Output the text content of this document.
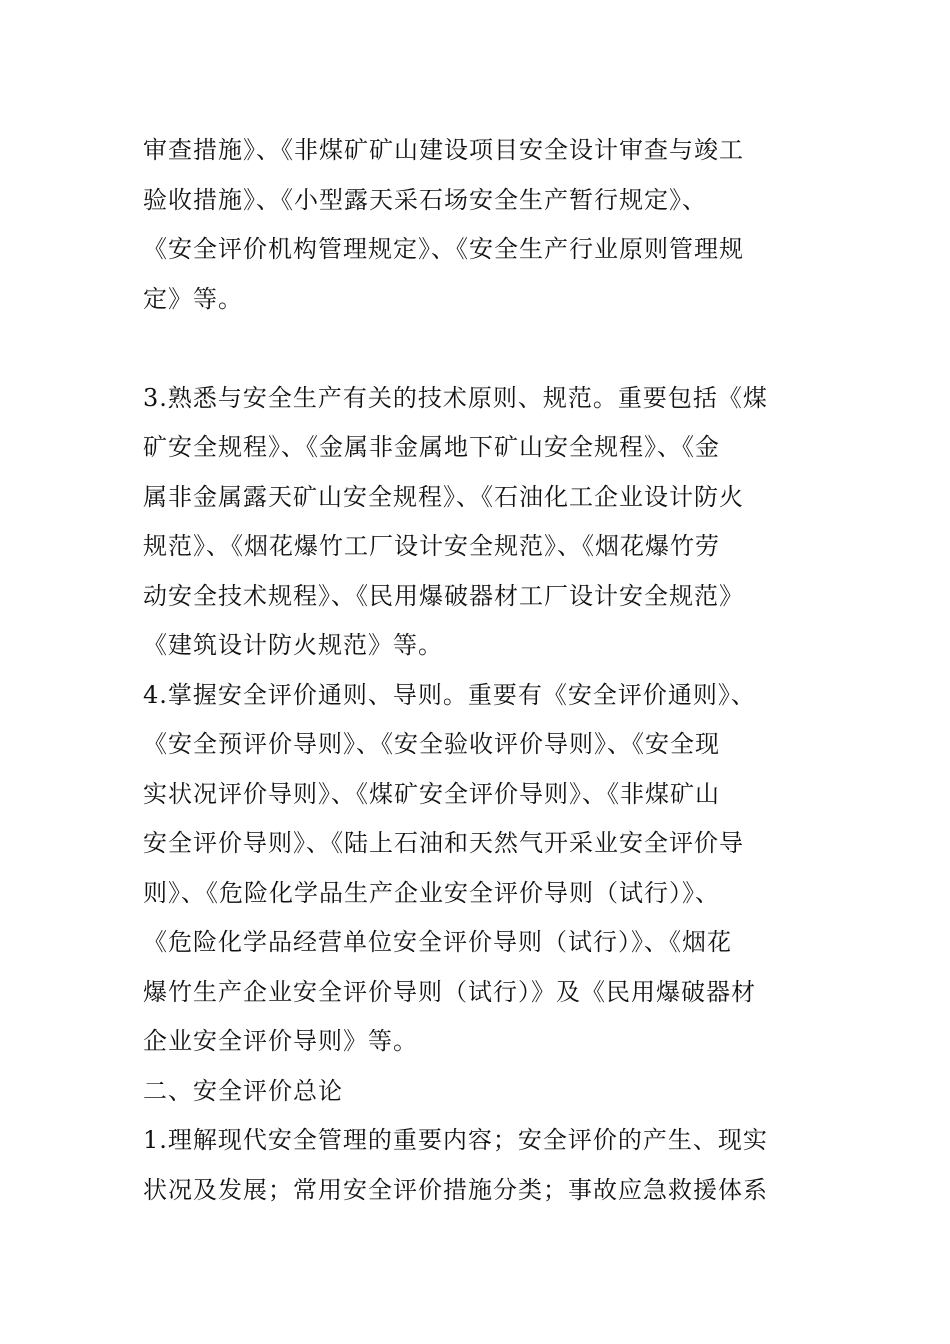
审查措施》、《非煤矿矿山建设项目安全设计审查与竣工
验收措施》、《小型露天采石场安全生产暂行规定》、
《安全评价机构管理规定》、《安全生产行业原则管理规
定》等。
3.熟悉与安全生产有关的技术原则、规范。重要包括《煤
矿安全规程》、《金属非金属地下矿山安全规程》、《金
属非金属露天矿山安全规程》、《石油化工企业设计防火
规范》、《烟花爆竹工厂设计安全规范》、《烟花爆竹劳
动安全技术规程》、《民用爆破器材工厂设计安全规范》
《建筑设计防火规范》等。
4.掌握安全评价通则、导则。重要有《安全评价通则》、
《安全预评价导则》、《安全验收评价导则》、《安全现
实状况评价导则》、《煤矿安全评价导则》、《非煤矿山
安全评价导则》、《陆上石油和天然气开采业安全评价导
则》、《危险化学品生产企业安全评价导则（试行）》、
《危险化学品经营单位安全评价导则（试行）》、《烟花
爆竹生产企业安全评价导则（试行）》及《民用爆破器材
企业安全评价导则》等。
二、安全评价总论
1.理解现代安全管理的重要内容；安全评价的产生、现实
状况及发展；常用安全评价措施分类；事故应急救援体系
